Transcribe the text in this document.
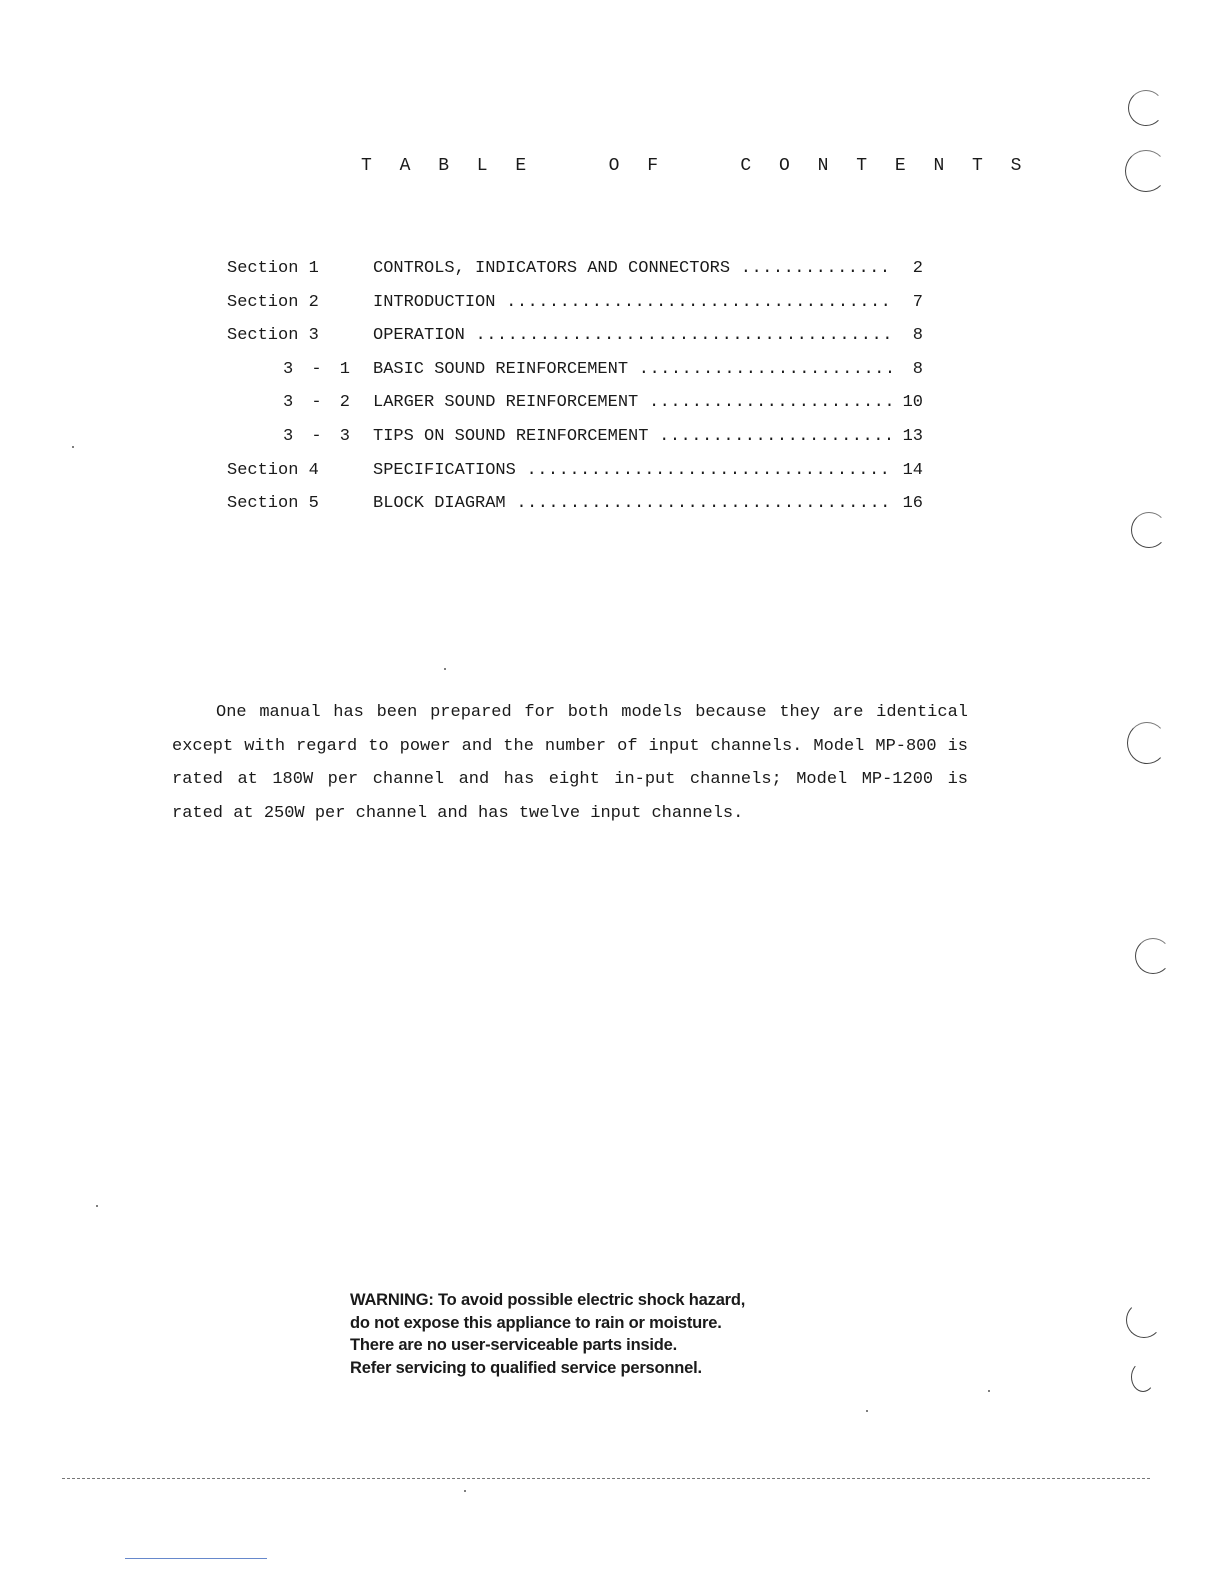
T A B L E   O F   C O N T E N T S
Section 1	CONTROLS, INDICATORS AND CONNECTORS .....	2
Section 2	INTRODUCTION .....	7
Section 3	OPERATION .....	8
3 - 1 BASIC SOUND REINFORCEMENT .....	8
3 - 2 LARGER SOUND REINFORCEMENT .....	10
3 - 3 TIPS ON SOUND REINFORCEMENT .....	13
Section 4	SPECIFICATIONS .....	14
Section 5	BLOCK DIAGRAM .....	16

One manual has been prepared for both models because they are identical except with regard to power and the number of input channels. Model MP-800 is rated at 180W per channel and has eight in-put channels; Model MP-1200 is rated at 250W per channel and has twelve input channels.

WARNING: To avoid possible electric shock hazard,
do not expose this appliance to rain or moisture.
There are no user-serviceable parts inside.
Refer servicing to qualified service personnel.
